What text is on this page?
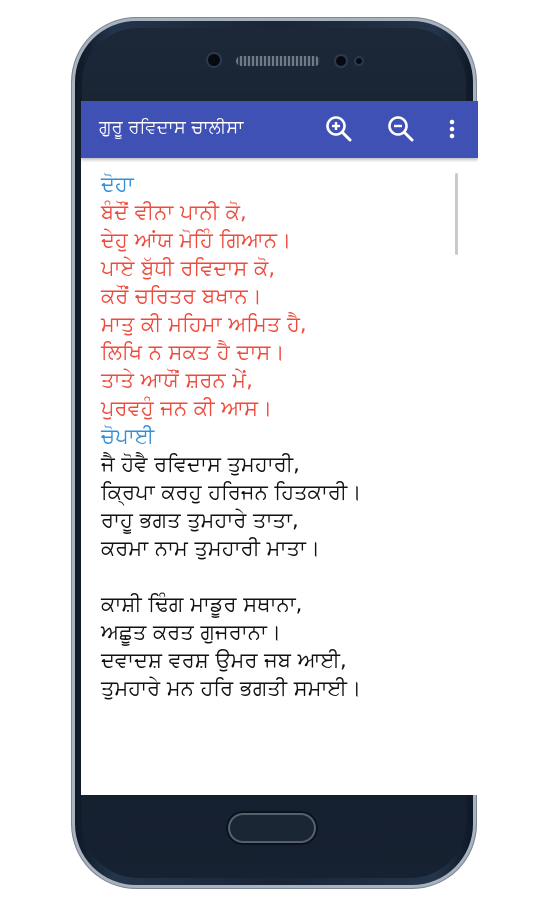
ਗੁਰੂ ਰਵਿਦਾਸ ਚਾਲੀਸਾ
ਦੋਹਾ
ਬੰਦੌਂ ਵੀਨਾ ਪਾਨੀ ਕੋ,
ਦੇਹੁ ਆਂਯ ਮੋਹਿੰ ਗਿਆਨ।
ਪਾਏ ਬੁੱਧੀ ਰਵਿਦਾਸ ਕੋ,
ਕਰੌਂ ਚਰਿਤਰ ਬਖਾਨ।
ਮਾਤੁ ਕੀ ਮਹਿਮਾ ਅਮਿਤ ਹੈ,
ਲਿਖਿ ਨ ਸਕਤ ਹੈ ਦਾਸ।
ਤਾਤੇ ਆਯੌਂ ਸ਼ਰਨ ਮੇਂ,
ਪੁਰਵਹੁੰ ਜਨ ਕੀ ਆਸ।
ਚੋਪਾਈ
ਜੈ ਹੋਵੈ ਰਵਿਦਾਸ ਤੁਮਹਾਰੀ,
ਕ੍ਰਿਪਾ ਕਰਹੁ ਹਰਿਜਨ ਹਿਤਕਾਰੀ।
ਰਾਹੂ ਭਗਤ ਤੁਮਹਾਰੇ ਤਾਤਾ,
ਕਰਮਾ ਨਾਮ ਤੁਮਹਾਰੀ ਮਾਤਾ।
ਕਾਸ਼ੀ ਢਿੰਗ ਮਾਡੂਰ ਸਥਾਨਾ,
ਅਛੂਤ ਕਰਤ ਗੁਜਰਾਨਾ।
ਦਵਾਦਸ਼ ਵਰਸ਼ ਉਮਰ ਜਬ ਆਈ,
ਤੁਮਹਾਰੇ ਮਨ ਹਰਿ ਭਗਤੀ ਸਮਾਈ।
